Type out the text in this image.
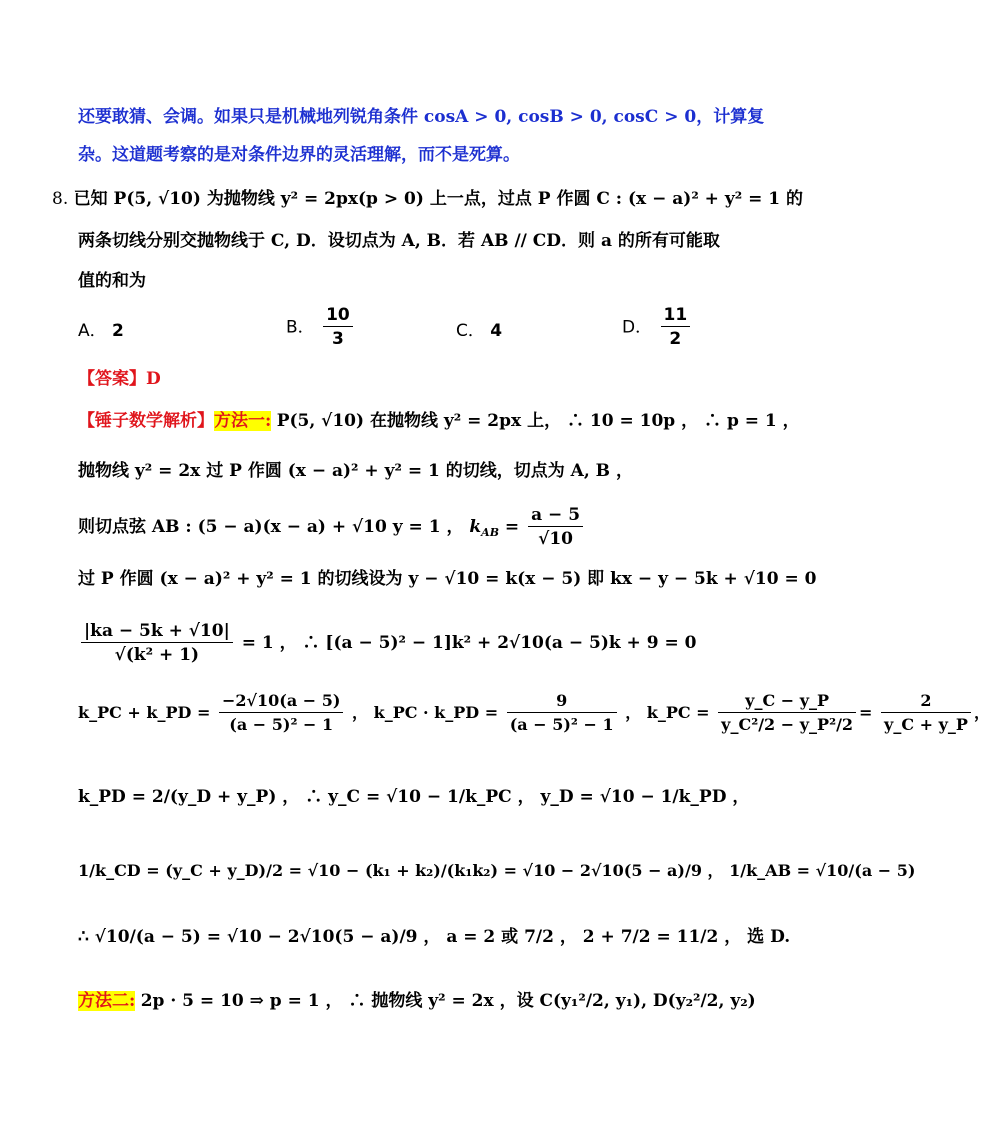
还要敢猜、会调。如果只是机械地列锐角条件 cosA > 0, cosB > 0, cosC > 0，计算复
杂。这道题考察的是对条件边界的灵活理解，而不是死算。
8. 已知 P(5, √10) 为抛物线 y² = 2px(p > 0) 上一点，过点 P 作圆 C : (x − a)² + y² = 1 的
两条切线分别交抛物线于 C, D．设切点为 A, B．若 AB // CD．则 a 的所有可能取
值的和为
A． 2	B． $\frac{10}{3}$	C． 4	D． $\frac{11}{2}$
【答案】D
【锤子数学解析】方法一: P(5, √10) 在抛物线 y² = 2px 上， ∴ 10 = 10p ， ∴ p = 1 ，
抛物线 y² = 2x 过 P 作圆 (x − a)² + y² = 1 的切线，切点为 A, B ，
则切点弦 AB : (5 − a)(x − a) + √10 y = 1 ， $k_{AB} = \frac{a - 5}{√10}$
过 P 作圆 (x − a)² + y² = 1 的切线设为 y − √10 = k(x − 5) 即 kx − y − 5k + √10 = 0
$\frac{|ka - 5k + √10|}{\text{√(k² + 1)}} = 1$ ， ∴ [(a − 5)² − 1]k² + 2√10(a − 5)k + 9 = 0
k_PC + k_PD = $\frac{-2√10(a - 5)}{\text{(a − 5)² − 1}}$ ， k_PC · k_PD = $\frac{9}{\text{(a − 5)² − 1}}$ ， k_PC = $\frac{y\_C - y\_P}{\text{y\_C²/2 − y\_P²/2}} = \frac{2}{y\_C + y\_P}$ ，
k_PD = 2/(y_D + y_P) ， ∴ y_C = √10 − 1/k_PC ， y_D = √10 − 1/k_PD ，
1/k_CD = (y_C + y_D)/2 = √10 − (k₁ + k₂)/(k₁k₂) = √10 − 2√10(5 − a)/9 ， 1/k_AB = √10/(a − 5)
∴ √10/(a − 5) = √10 − 2√10(5 − a)/9 ， a = 2 或 7/2 ， 2 + 7/2 = 11/2 ， 选 D.
方法二: 2p · 5 = 10 ⇒ p = 1 ， ∴ 抛物线 y² = 2x ，设 C(y₁²/2, y₁), D(y₂²/2, y₂)
